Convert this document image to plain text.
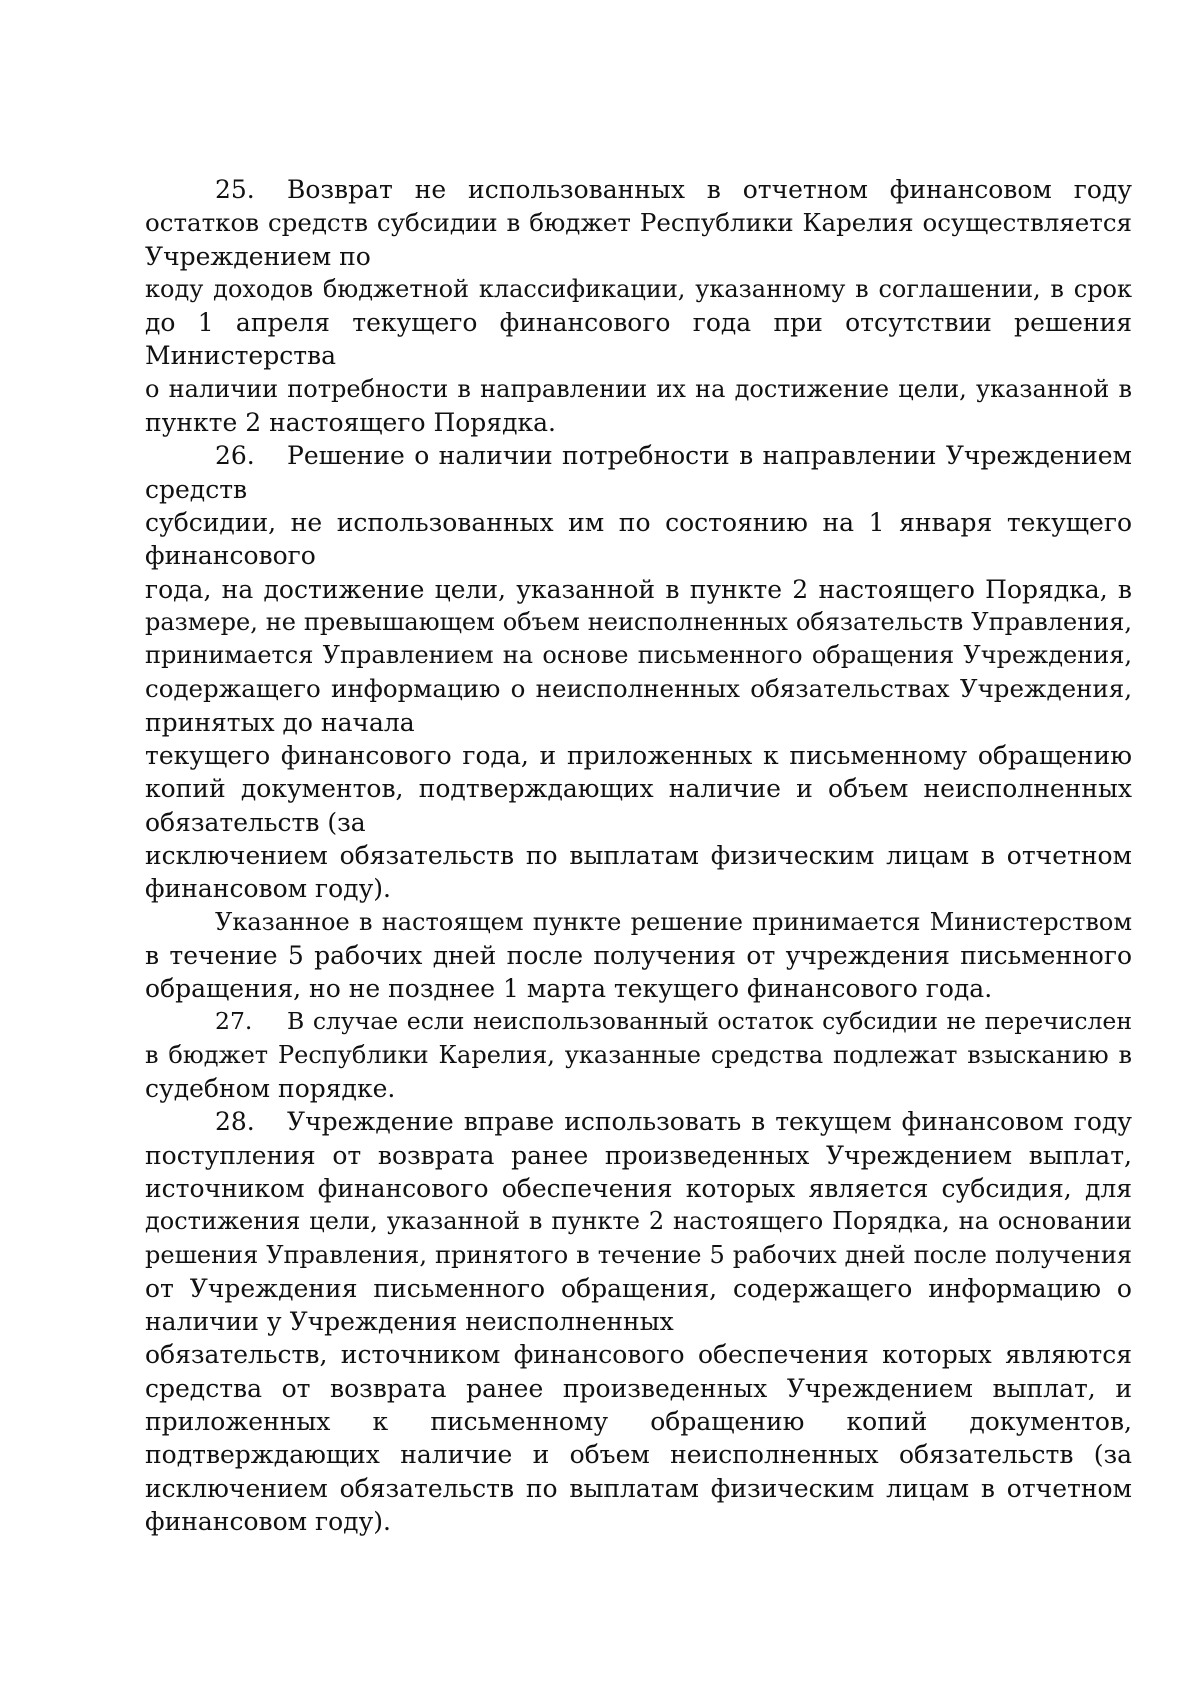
25. Возврат не использованных в отчетном финансовом году
остатков средств субсидии в бюджет Республики Карелия осуществляется
Учреждением по
коду доходов бюджетной классификации, указанному в соглашении, в срок
до 1 апреля текущего финансового года при отсутствии решения
Министерства
о наличии потребности в направлении их на достижение цели, указанной в
пункте 2 настоящего Порядка.
26. Решение о наличии потребности в направлении Учреждением
средств
субсидии, не использованных им по состоянию на 1 января текущего
финансового
года, на достижение цели, указанной в пункте 2 настоящего Порядка, в
размере, не превышающем объем неисполненных обязательств Управления,
принимается Управлением на основе письменного обращения Учреждения,
содержащего информацию о неисполненных обязательствах Учреждения,
принятых до начала
текущего финансового года, и приложенных к письменному обращению
копий документов, подтверждающих наличие и объем неисполненных
обязательств (за
исключением обязательств по выплатам физическим лицам в отчетном
финансовом году).
Указанное в настоящем пункте решение принимается Министерством
в течение 5 рабочих дней после получения от учреждения письменного
обращения, но не позднее 1 марта текущего финансового года.
27. В случае если неиспользованный остаток субсидии не перечислен
в бюджет Республики Карелия, указанные средства подлежат взысканию в
судебном порядке.
28. Учреждение вправе использовать в текущем финансовом году
поступления от возврата ранее произведенных Учреждением выплат,
источником финансового обеспечения которых является субсидия, для
достижения цели, указанной в пункте 2 настоящего Порядка, на основании
решения Управления, принятого в течение 5 рабочих дней после получения
от Учреждения письменного обращения, содержащего информацию о
наличии у Учреждения неисполненных
обязательств, источником финансового обеспечения которых являются
средства от возврата ранее произведенных Учреждением выплат, и
приложенных к письменному обращению копий документов,
подтверждающих наличие и объем неисполненных обязательств (за
исключением обязательств по выплатам физическим лицам в отчетном
финансовом году).
